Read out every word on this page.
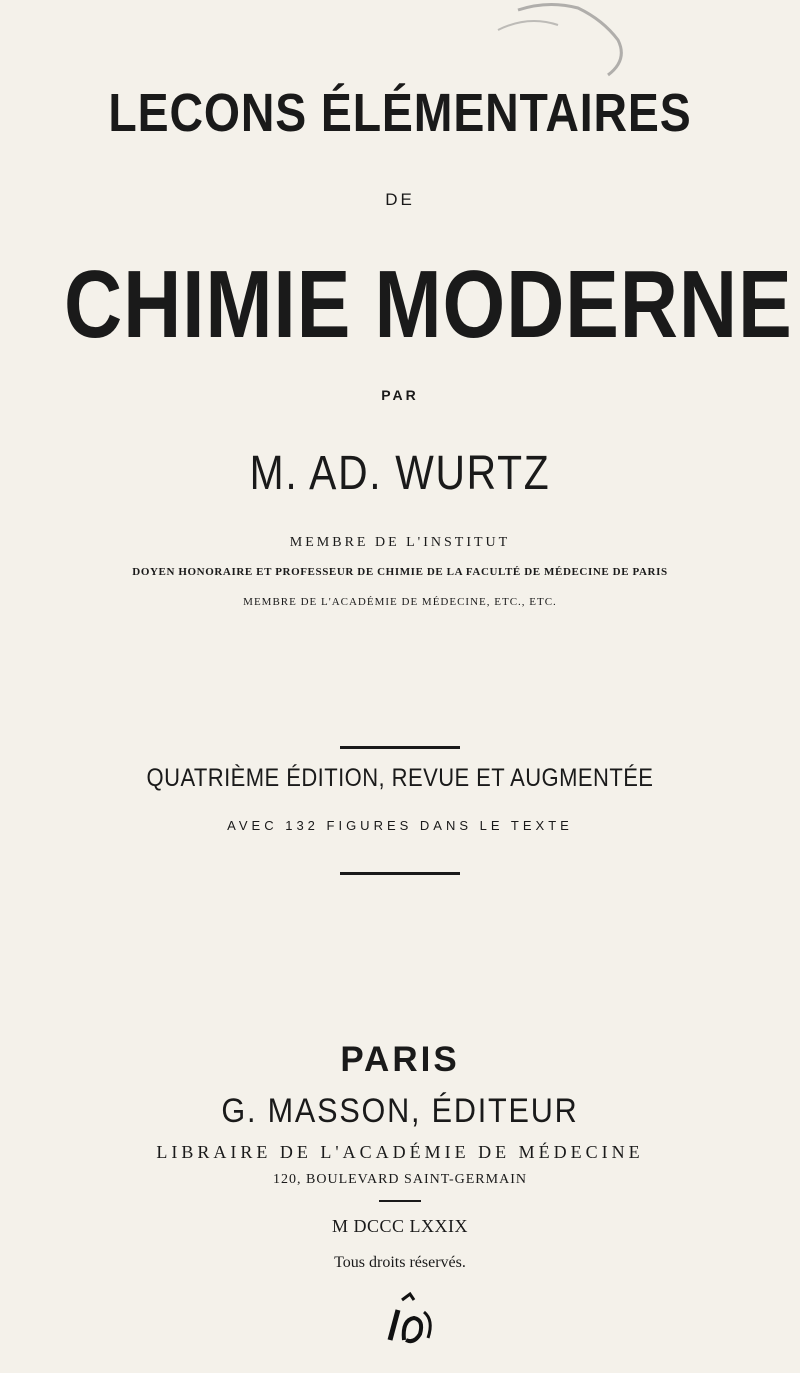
LECONS ÉLÉMENTAIRES
DE
CHIMIE MODERNE
PAR
M. AD. WURTZ
MEMBRE DE L'INSTITUT
DOYEN HONORAIRE ET PROFESSEUR DE CHIMIE DE LA FACULTÉ DE MÉDECINE DE PARIS
MEMBRE DE L'ACADÉMIE DE MÉDECINE, ETC., ETC.
QUATRIÈME ÉDITION, REVUE ET AUGMENTÉE
AVEC 132 FIGURES DANS LE TEXTE
PARIS
G. MASSON, ÉDITEUR
LIBRAIRE DE L'ACADÉMIE DE MÉDECINE
120, BOULEVARD SAINT-GERMAIN
M DCCC LXXIX
Tous droits réservés.
